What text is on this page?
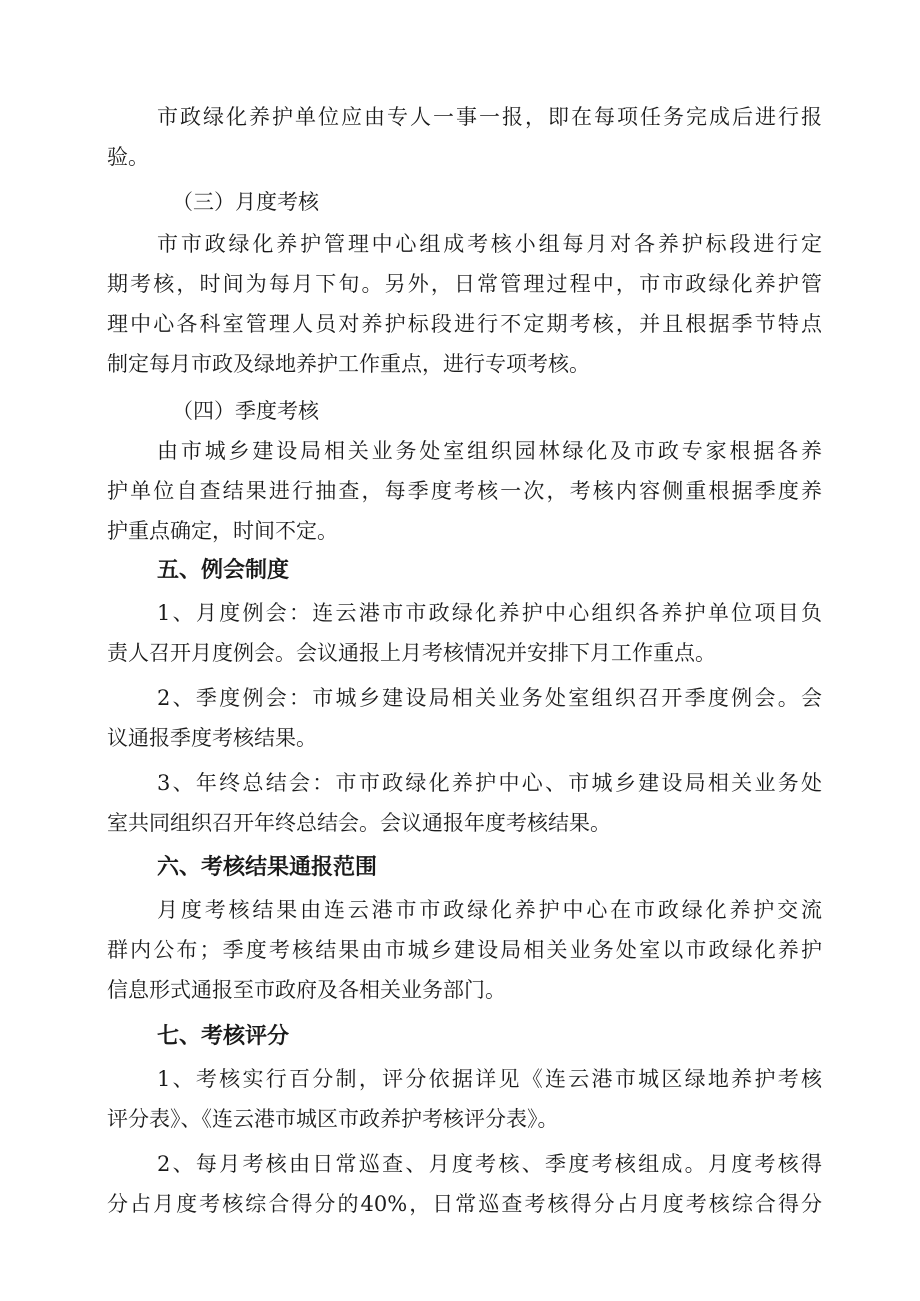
市政绿化养护单位应由专人一事一报，即在每项任务完成后进行报
验。
（三）月度考核
市市政绿化养护管理中心组成考核小组每月对各养护标段进行定
期考核，时间为每月下旬。另外，日常管理过程中，市市政绿化养护管
理中心各科室管理人员对养护标段进行不定期考核，并且根据季节特点
制定每月市政及绿地养护工作重点，进行专项考核。
（四）季度考核
由市城乡建设局相关业务处室组织园林绿化及市政专家根据各养
护单位自查结果进行抽查，每季度考核一次，考核内容侧重根据季度养
护重点确定，时间不定。
五、例会制度
1、月度例会：连云港市市政绿化养护中心组织各养护单位项目负
责人召开月度例会。会议通报上月考核情况并安排下月工作重点。
2、季度例会：市城乡建设局相关业务处室组织召开季度例会。会
议通报季度考核结果。
3、年终总结会：市市政绿化养护中心、市城乡建设局相关业务处
室共同组织召开年终总结会。会议通报年度考核结果。
六、考核结果通报范围
月度考核结果由连云港市市政绿化养护中心在市政绿化养护交流
群内公布；季度考核结果由市城乡建设局相关业务处室以市政绿化养护
信息形式通报至市政府及各相关业务部门。
七、考核评分
1、考核实行百分制，评分依据详见《连云港市城区绿地养护考核
评分表》、《连云港市城区市政养护考核评分表》。
2、每月考核由日常巡查、月度考核、季度考核组成。月度考核得
分占月度考核综合得分的40%，日常巡查考核得分占月度考核综合得分
